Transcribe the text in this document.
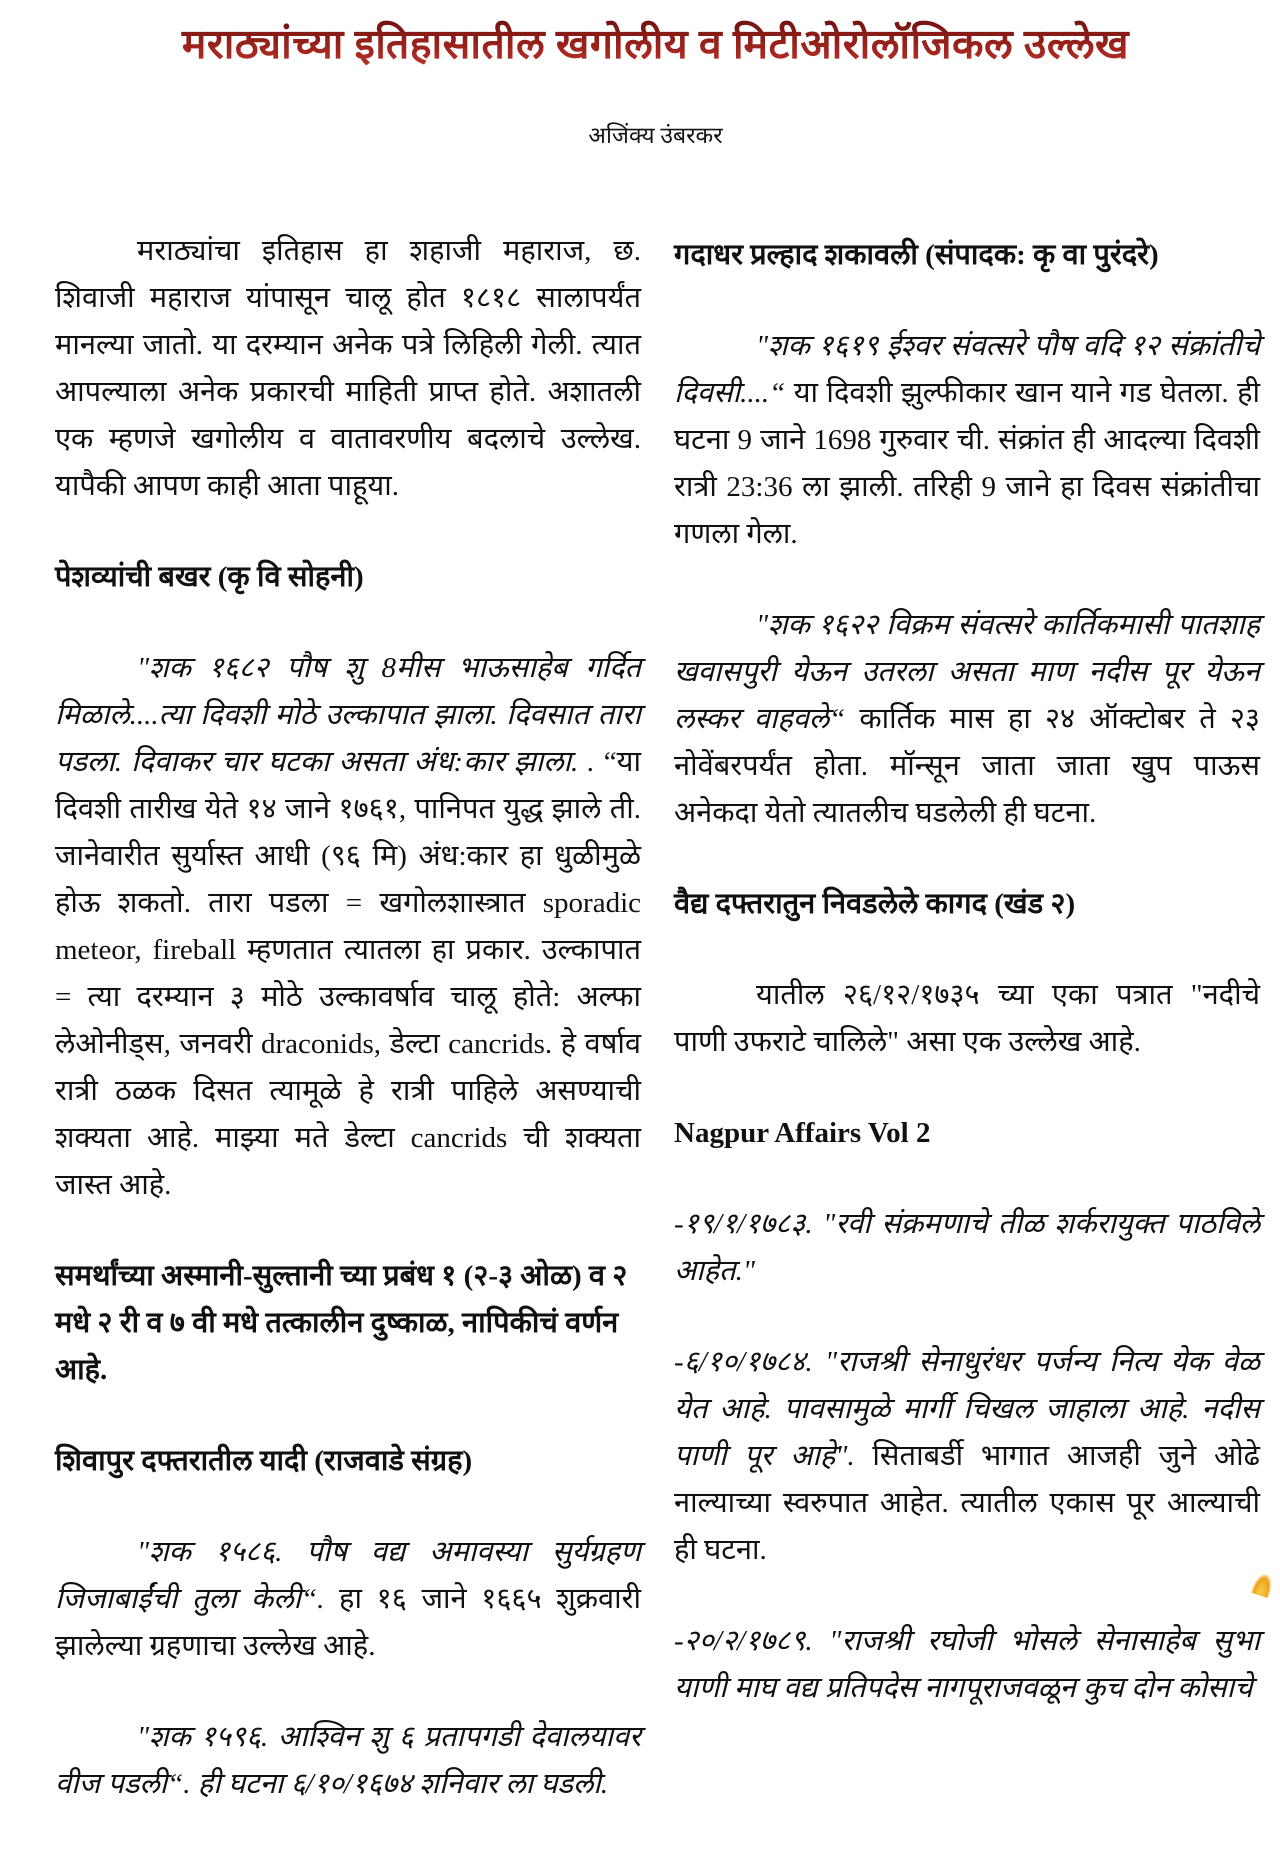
मराठ्यांच्या इतिहासातील खगोलीय व मिटीओरोलॉजिकल उल्लेख
अजिंक्य उंबरकर
मराठ्यांचा इतिहास हा शहाजी महाराज, छ. शिवाजी महाराज यांपासून चालू होत १८१८ सालापर्यंत मानल्या जातो. या दरम्यान अनेक पत्रे लिहिली गेली. त्यात आपल्याला अनेक प्रकारची माहिती प्राप्त होते. अशातली एक म्हणजे खगोलीय व वातावरणीय बदलाचे उल्लेख. यापैकी आपण काही आता पाहूया.
पेशव्यांची बखर (कृ वि सोहनी)
"शक १६८२ पौष शु 8मीस भाऊसाहेब गर्दित मिळाले....त्या दिवशी मोठे उल्कापात झाला. दिवसात तारा पडला. दिवाकर चार घटका असता अंध:कार झाला. . “या दिवशी तारीख येते १४ जाने १७६१, पानिपत युद्ध झाले ती. जानेवारीत सुर्यास्त आधी (९६ मि) अंध:कार हा धुळीमुळे होऊ शकतो. तारा पडला = खगोलशास्त्रात sporadic meteor, fireball म्हणतात त्यातला हा प्रकार. उल्कापात = त्या दरम्यान ३ मोठे उल्कावर्षाव चालू होते: अल्फा लेओनीड्स, जनवरी draconids, डेल्टा cancrids. हे वर्षाव रात्री ठळक दिसत त्यामूळे हे रात्री पाहिले असण्याची शक्यता आहे. माझ्या मते डेल्टा cancrids ची शक्यता जास्त आहे.
समर्थांच्या अस्मानी-सुल्तानी च्या प्रबंध १ (२-३ ओळ) व २ मधे २ री व ७ वी मधे तत्कालीन दुष्काळ, नापिकीचं वर्णन आहे.
शिवापुर दफ्तरातील यादी (राजवाडे संग्रह)
"शक १५८६. पौष वद्य अमावस्या सुर्यग्रहण जिजाबाईंची तुला केली“. हा १६ जाने १६६५ शुक्रवारी झालेल्या ग्रहणाचा उल्लेख आहे.
"शक १५९६. आश्विन शु ६ प्रतापगडी देवालयावर वीज पडली“. ही घटना ६/१०/१६७४ शनिवार ला घडली.
गदाधर प्रल्हाद शकावली (संपादक: कृ वा पुरंदरे)
"शक १६१९ ईश्वर संवत्सरे पौष वदि १२ संक्रांतीचे दिवसी....“ या दिवशी झुल्फीकार खान याने गड घेतला. ही घटना 9 जाने 1698 गुरुवार ची. संक्रांत ही आदल्या दिवशी रात्री 23:36 ला झाली. तरिही 9 जाने हा दिवस संक्रांतीचा गणला गेला.
"शक १६२२ विक्रम संवत्सरे कार्तिकमासी पातशाह खवासपुरी येऊन उतरला असता माण नदीस पूर येऊन लस्कर वाहवले“ कार्तिक मास हा २४ ऑक्टोबर ते २३ नोवेंबरपर्यंत होता. मॉन्सून जाता जाता खुप पाऊस अनेकदा येतो त्यातलीच घडलेली ही घटना.
वैद्य दफ्तरातुन निवडलेले कागद (खंड २)
यातील २६/१२/१७३५ च्या एका पत्रात "नदीचे पाणी उफराटे चालिले" असा एक उल्लेख आहे.
Nagpur Affairs Vol 2
-१९/१/१७८३. "रवी संक्रमणाचे तीळ शर्करायुक्त पाठविले आहेत."
-६/१०/१७८४. "राजश्री सेनाधुरंधर पर्जन्य नित्य येक वेळ येत आहे. पावसामुळे मार्गी चिखल जाहाला आहे. नदीस पाणी पूर आहे". सिताबर्डी भागात आजही जुने ओढे नाल्याच्या स्वरुपात आहेत. त्यातील एकास पूर आल्याची ही घटना.
-२०/२/१७८९. "राजश्री रघोजी भोसले सेनासाहेब सुभा याणी माघ वद्य प्रतिपदेस नागपूराजवळून कुच दोन कोसाचे
